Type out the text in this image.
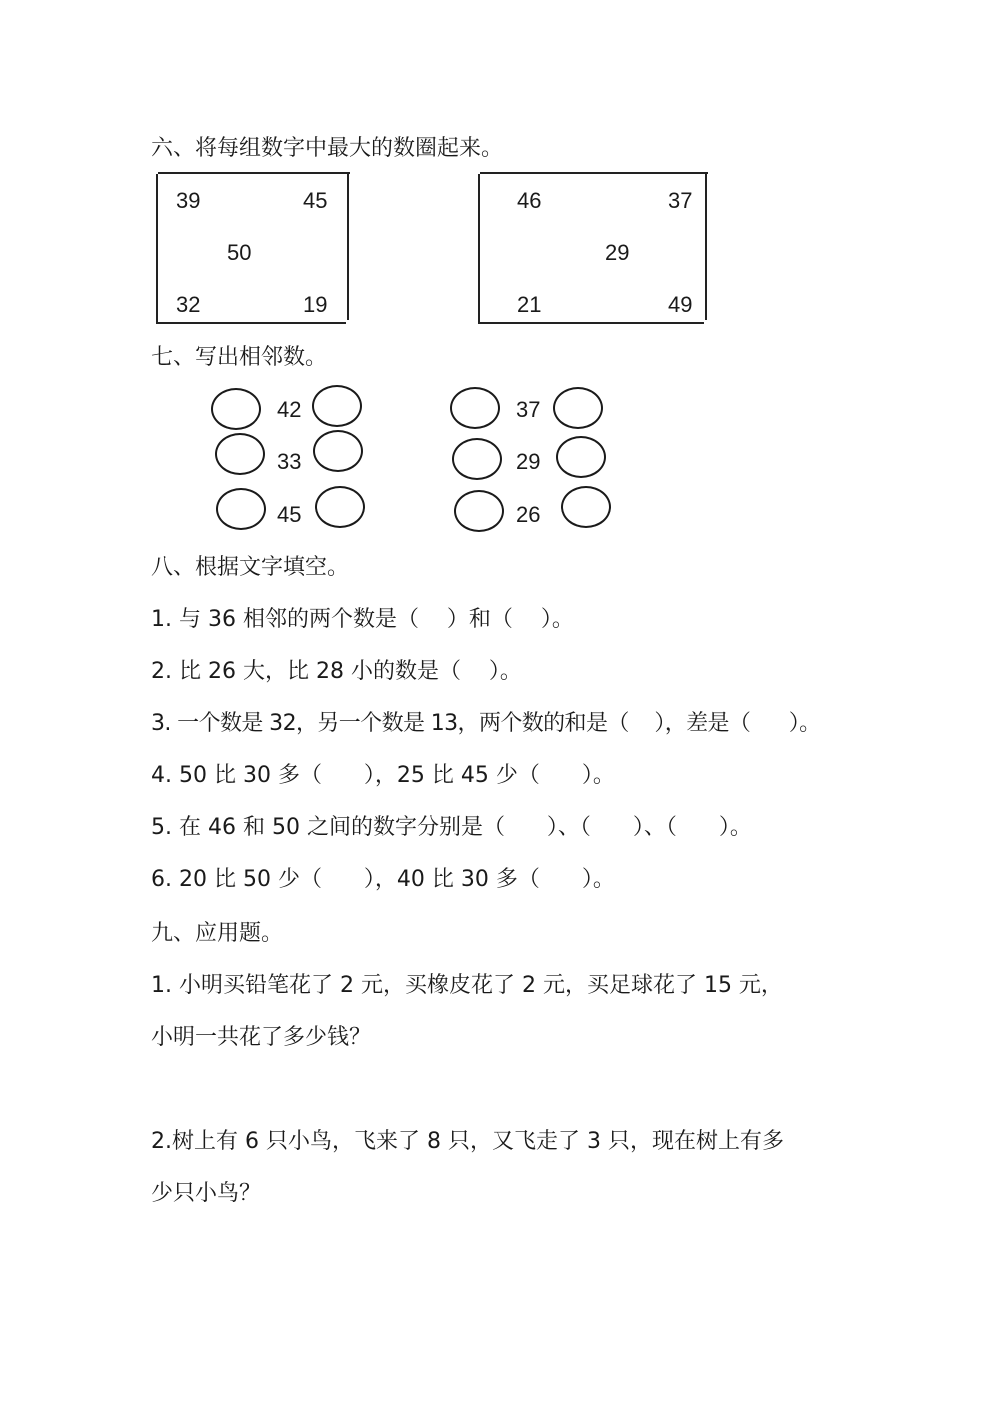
六、将每组数字中最大的数圈起来。
39	45
50
32	19
46	37
29
21	49
七、写出相邻数。
42
33
45
37
29
26
八、根据文字填空。
1. 与 36 相邻的两个数是（    ）和（    ）。
2. 比 26 大，比 28 小的数是（    ）。
3. 一个数是 32，另一个数是 13，两个数的和是（    ），差是（      ）。
4. 50 比 30 多（      ），25 比 45 少（      ）。
5. 在 46 和 50 之间的数字分别是（      ）、（      ）、（      ）。
6. 20 比 50 少（      ），40 比 30 多（      ）。
九、应用题。
1. 小明买铅笔花了 2 元，买橡皮花了 2 元，买足球花了 15 元，
小明一共花了多少钱？
2.树上有 6 只小鸟，飞来了 8 只，又飞走了 3 只，现在树上有多
少只小鸟？
